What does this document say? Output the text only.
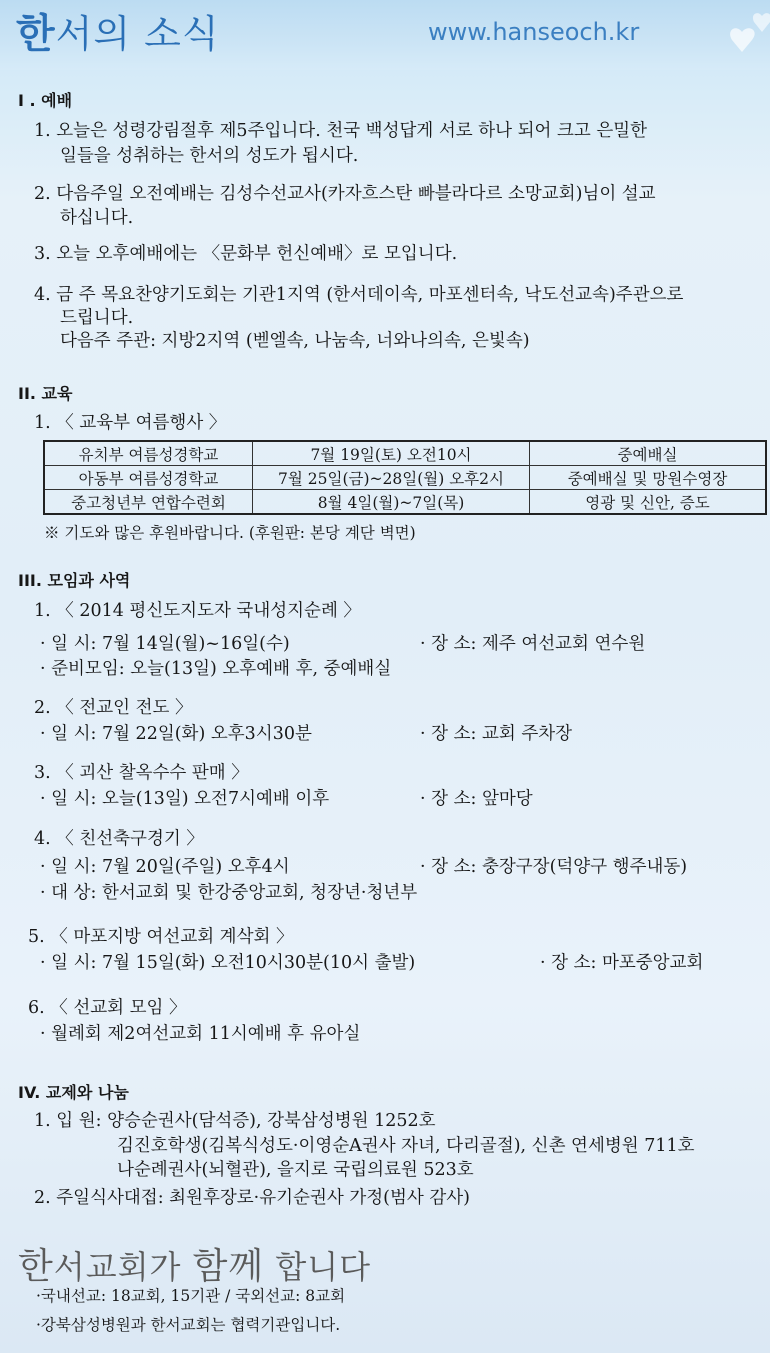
한서의 소식	www.hanseoch.kr
I . 예배
1. 오늘은 성령강림절후 제5주입니다. 천국 백성답게 서로 하나 되어 크고 은밀한
일들을 성취하는 한서의 성도가 됩시다.
2. 다음주일 오전예배는 김성수선교사(카자흐스탄 빠블라다르 소망교회)님이 설교
하십니다.
3. 오늘 오후예배에는 〈문화부 헌신예배〉로 모입니다.
4. 금 주 목요찬양기도회는 기관1지역 (한서데이속, 마포센터속, 낙도선교속)주관으로
드립니다.
다음주 주관: 지방2지역 (벧엘속, 나눔속, 너와나의속, 은빛속)
II. 교육
1. 〈 교육부 여름행사 〉
유치부 여름성경학교	7월 19일(토) 오전10시	중예배실
아동부 여름성경학교	7월 25일(금)~28일(월) 오후2시	중예배실 및 망원수영장
중고청년부 연합수련회	8월 4일(월)~7일(목)	영광 및 신안, 증도
※ 기도와 많은 후원바랍니다. (후원판: 본당 계단 벽면)
III. 모임과 사역
1. 〈 2014 평신도지도자 국내성지순례 〉
· 일 시: 7월 14일(월)~16일(수)	· 장 소: 제주 여선교회 연수원
· 준비모임: 오늘(13일) 오후예배 후, 중예배실
2. 〈 전교인 전도 〉
· 일 시: 7월 22일(화) 오후3시30분	· 장 소: 교회 주차장
3. 〈 괴산 찰옥수수 판매 〉
· 일 시: 오늘(13일) 오전7시예배 이후	· 장 소: 앞마당
4. 〈 친선축구경기 〉
· 일 시: 7월 20일(주일) 오후4시	· 장 소: 충장구장(덕양구 행주내동)
· 대 상: 한서교회 및 한강중앙교회, 청장년·청년부
5. 〈 마포지방 여선교회 계삭회 〉
· 일 시: 7월 15일(화) 오전10시30분(10시 출발)	· 장 소: 마포중앙교회
6. 〈 선교회 모임 〉
· 월례회 제2여선교회 11시예배 후 유아실
IV. 교제와 나눔
1. 입 원: 양승순권사(담석증), 강북삼성병원 1252호
김진호학생(김복식성도·이영순A권사 자녀, 다리골절), 신촌 연세병원 711호
나순례권사(뇌혈관), 을지로 국립의료원 523호
2. 주일식사대접: 최원후장로·유기순권사 가정(범사 감사)
한서교회가 함께 합니다
·국내선교: 18교회, 15기관 / 국외선교: 8교회
·강북삼성병원과 한서교회는 협력기관입니다.
